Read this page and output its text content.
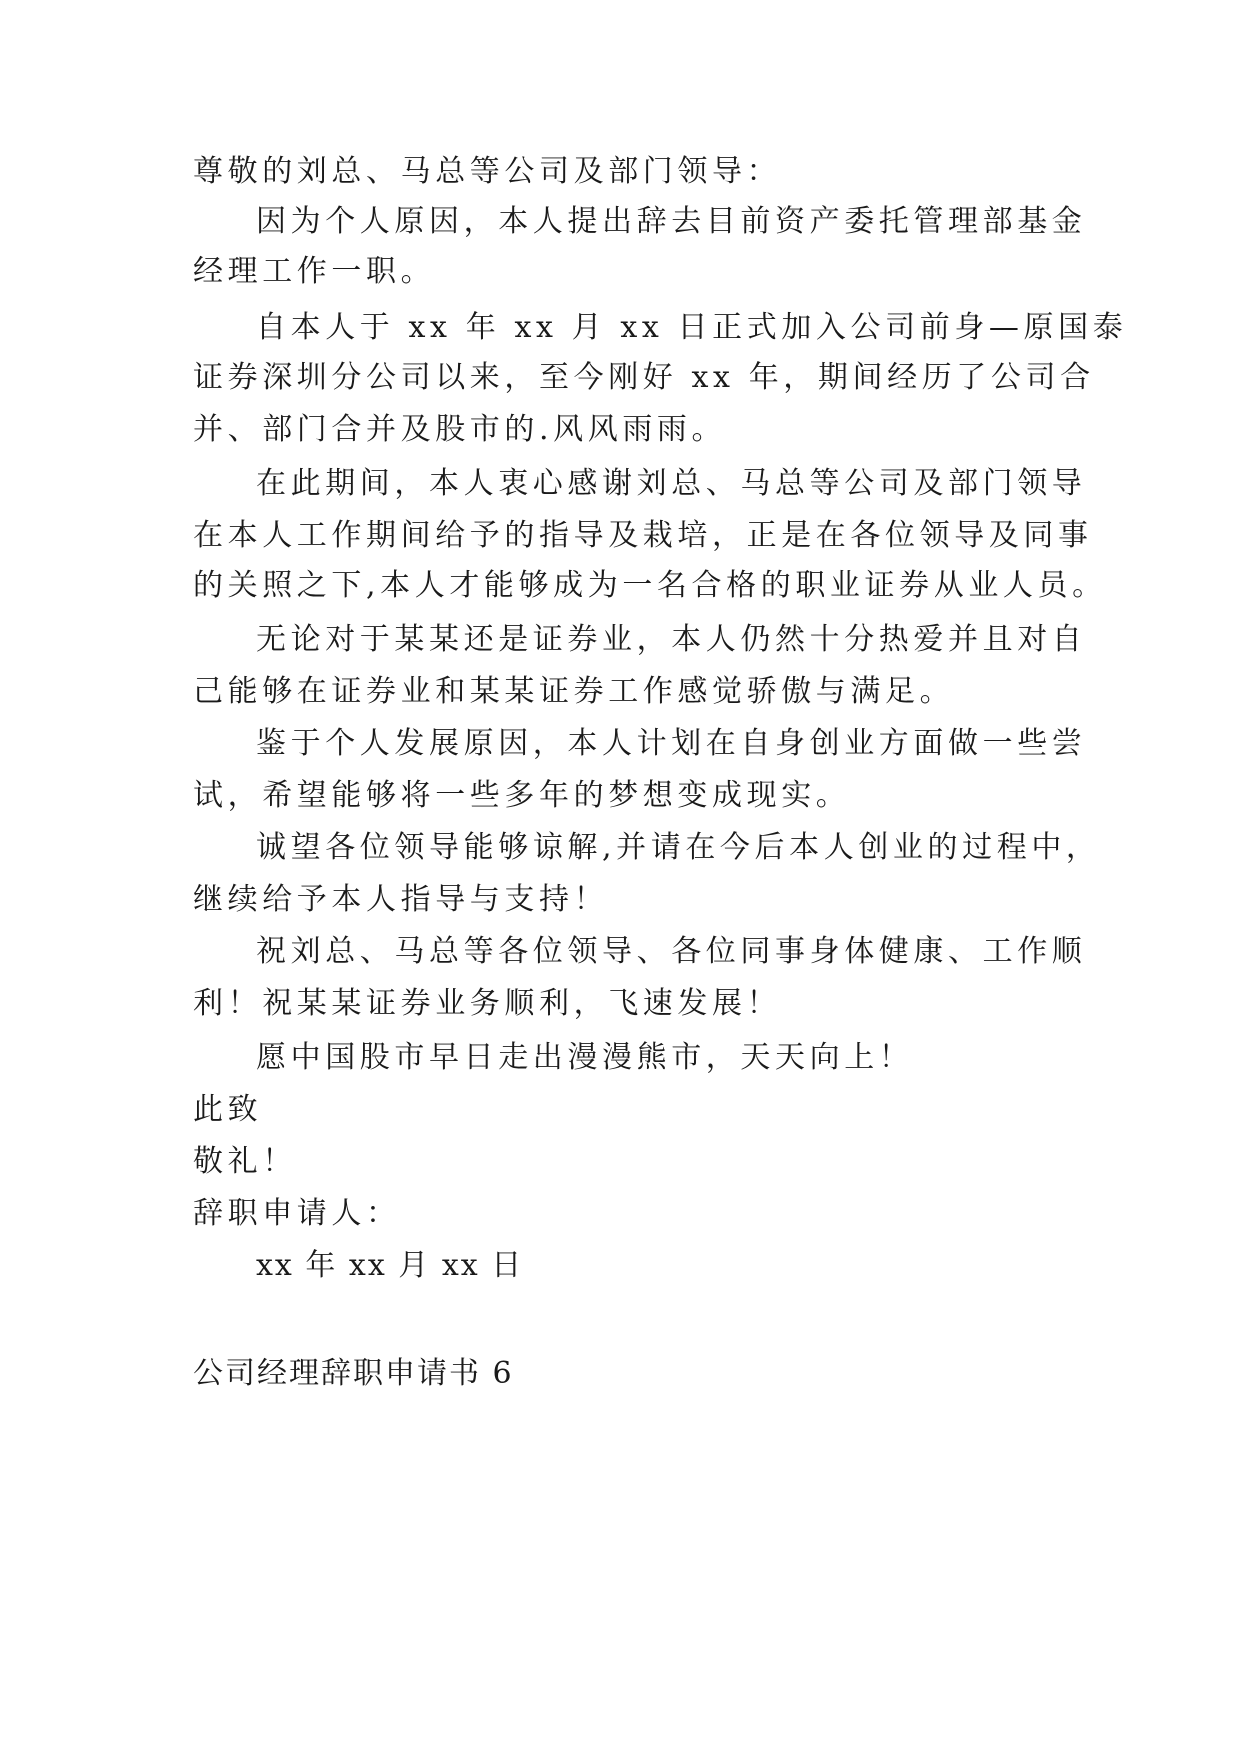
尊敬的刘总、马总等公司及部门领导：
因为个人原因，本人提出辞去目前资产委托管理部基金
经理工作一职。
自本人于 xx 年 xx 月 xx 日正式加入公司前身—原国泰
证券深圳分公司以来，至今刚好 xx 年，期间经历了公司合
并、部门合并及股市的.风风雨雨。
在此期间，本人衷心感谢刘总、马总等公司及部门领导
在本人工作期间给予的指导及栽培，正是在各位领导及同事
的关照之下,本人才能够成为一名合格的职业证券从业人员。
无论对于某某还是证券业，本人仍然十分热爱并且对自
己能够在证券业和某某证券工作感觉骄傲与满足。
鉴于个人发展原因，本人计划在自身创业方面做一些尝
试，希望能够将一些多年的梦想变成现实。
诚望各位领导能够谅解,并请在今后本人创业的过程中，
继续给予本人指导与支持！
祝刘总、马总等各位领导、各位同事身体健康、工作顺
利！祝某某证券业务顺利，飞速发展！
愿中国股市早日走出漫漫熊市，天天向上！
此致
敬礼！
辞职申请人：
xx 年 xx 月 xx 日
公司经理辞职申请书 6
